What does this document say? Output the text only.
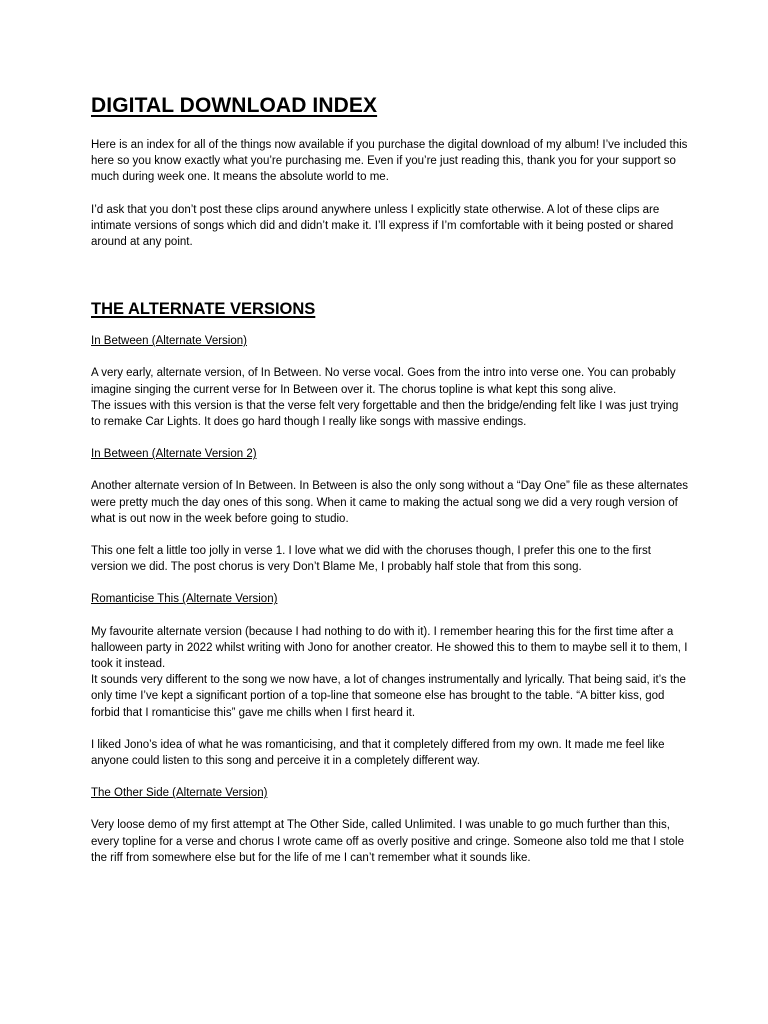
DIGITAL DOWNLOAD INDEX

Here is an index for all of the things now available if you purchase the digital download of my album! I’ve included this here so you know exactly what you’re purchasing me. Even if you’re just reading this, thank you for your support so much during week one. It means the absolute world to me.

I’d ask that you don’t post these clips around anywhere unless I explicitly state otherwise. A lot of these clips are intimate versions of songs which did and didn’t make it. I’ll express if I’m comfortable with it being posted or shared around at any point.

THE ALTERNATE VERSIONS

In Between (Alternate Version)

A very early, alternate version, of In Between. No verse vocal. Goes from the intro into verse one. You can probably imagine singing the current verse for In Between over it. The chorus topline is what kept this song alive.

The issues with this version is that the verse felt very forgettable and then the bridge/ending felt like I was just trying to remake Car Lights. It does go hard though I really like songs with massive endings.

In Between (Alternate Version 2)

Another alternate version of In Between. In Between is also the only song without a “Day One” file as these alternates were pretty much the day ones of this song. When it came to making the actual song we did a very rough version of what is out now in the week before going to studio.

This one felt a little too jolly in verse 1. I love what we did with the choruses though, I prefer this one to the first version we did. The post chorus is very Don’t Blame Me, I probably half stole that from this song.

Romanticise This (Alternate Version)

My favourite alternate version (because I had nothing to do with it). I remember hearing this for the first time after a halloween party in 2022 whilst writing with Jono for another creator. He showed this to them to maybe sell it to them, I took it instead.

It sounds very different to the song we now have, a lot of changes instrumentally and lyrically. That being said, it’s the only time I’ve kept a significant portion of a top-line that someone else has brought to the table. “A bitter kiss, god forbid that I romanticise this” gave me chills when I first heard it.

I liked Jono’s idea of what he was romanticising, and that it completely differed from my own. It made me feel like anyone could listen to this song and perceive it in a completely different way.

The Other Side (Alternate Version)

Very loose demo of my first attempt at The Other Side, called Unlimited. I was unable to go much further than this, every topline for a verse and chorus I wrote came off as overly positive and cringe. Someone also told me that I stole the riff from somewhere else but for the life of me I can’t remember what it sounds like.
